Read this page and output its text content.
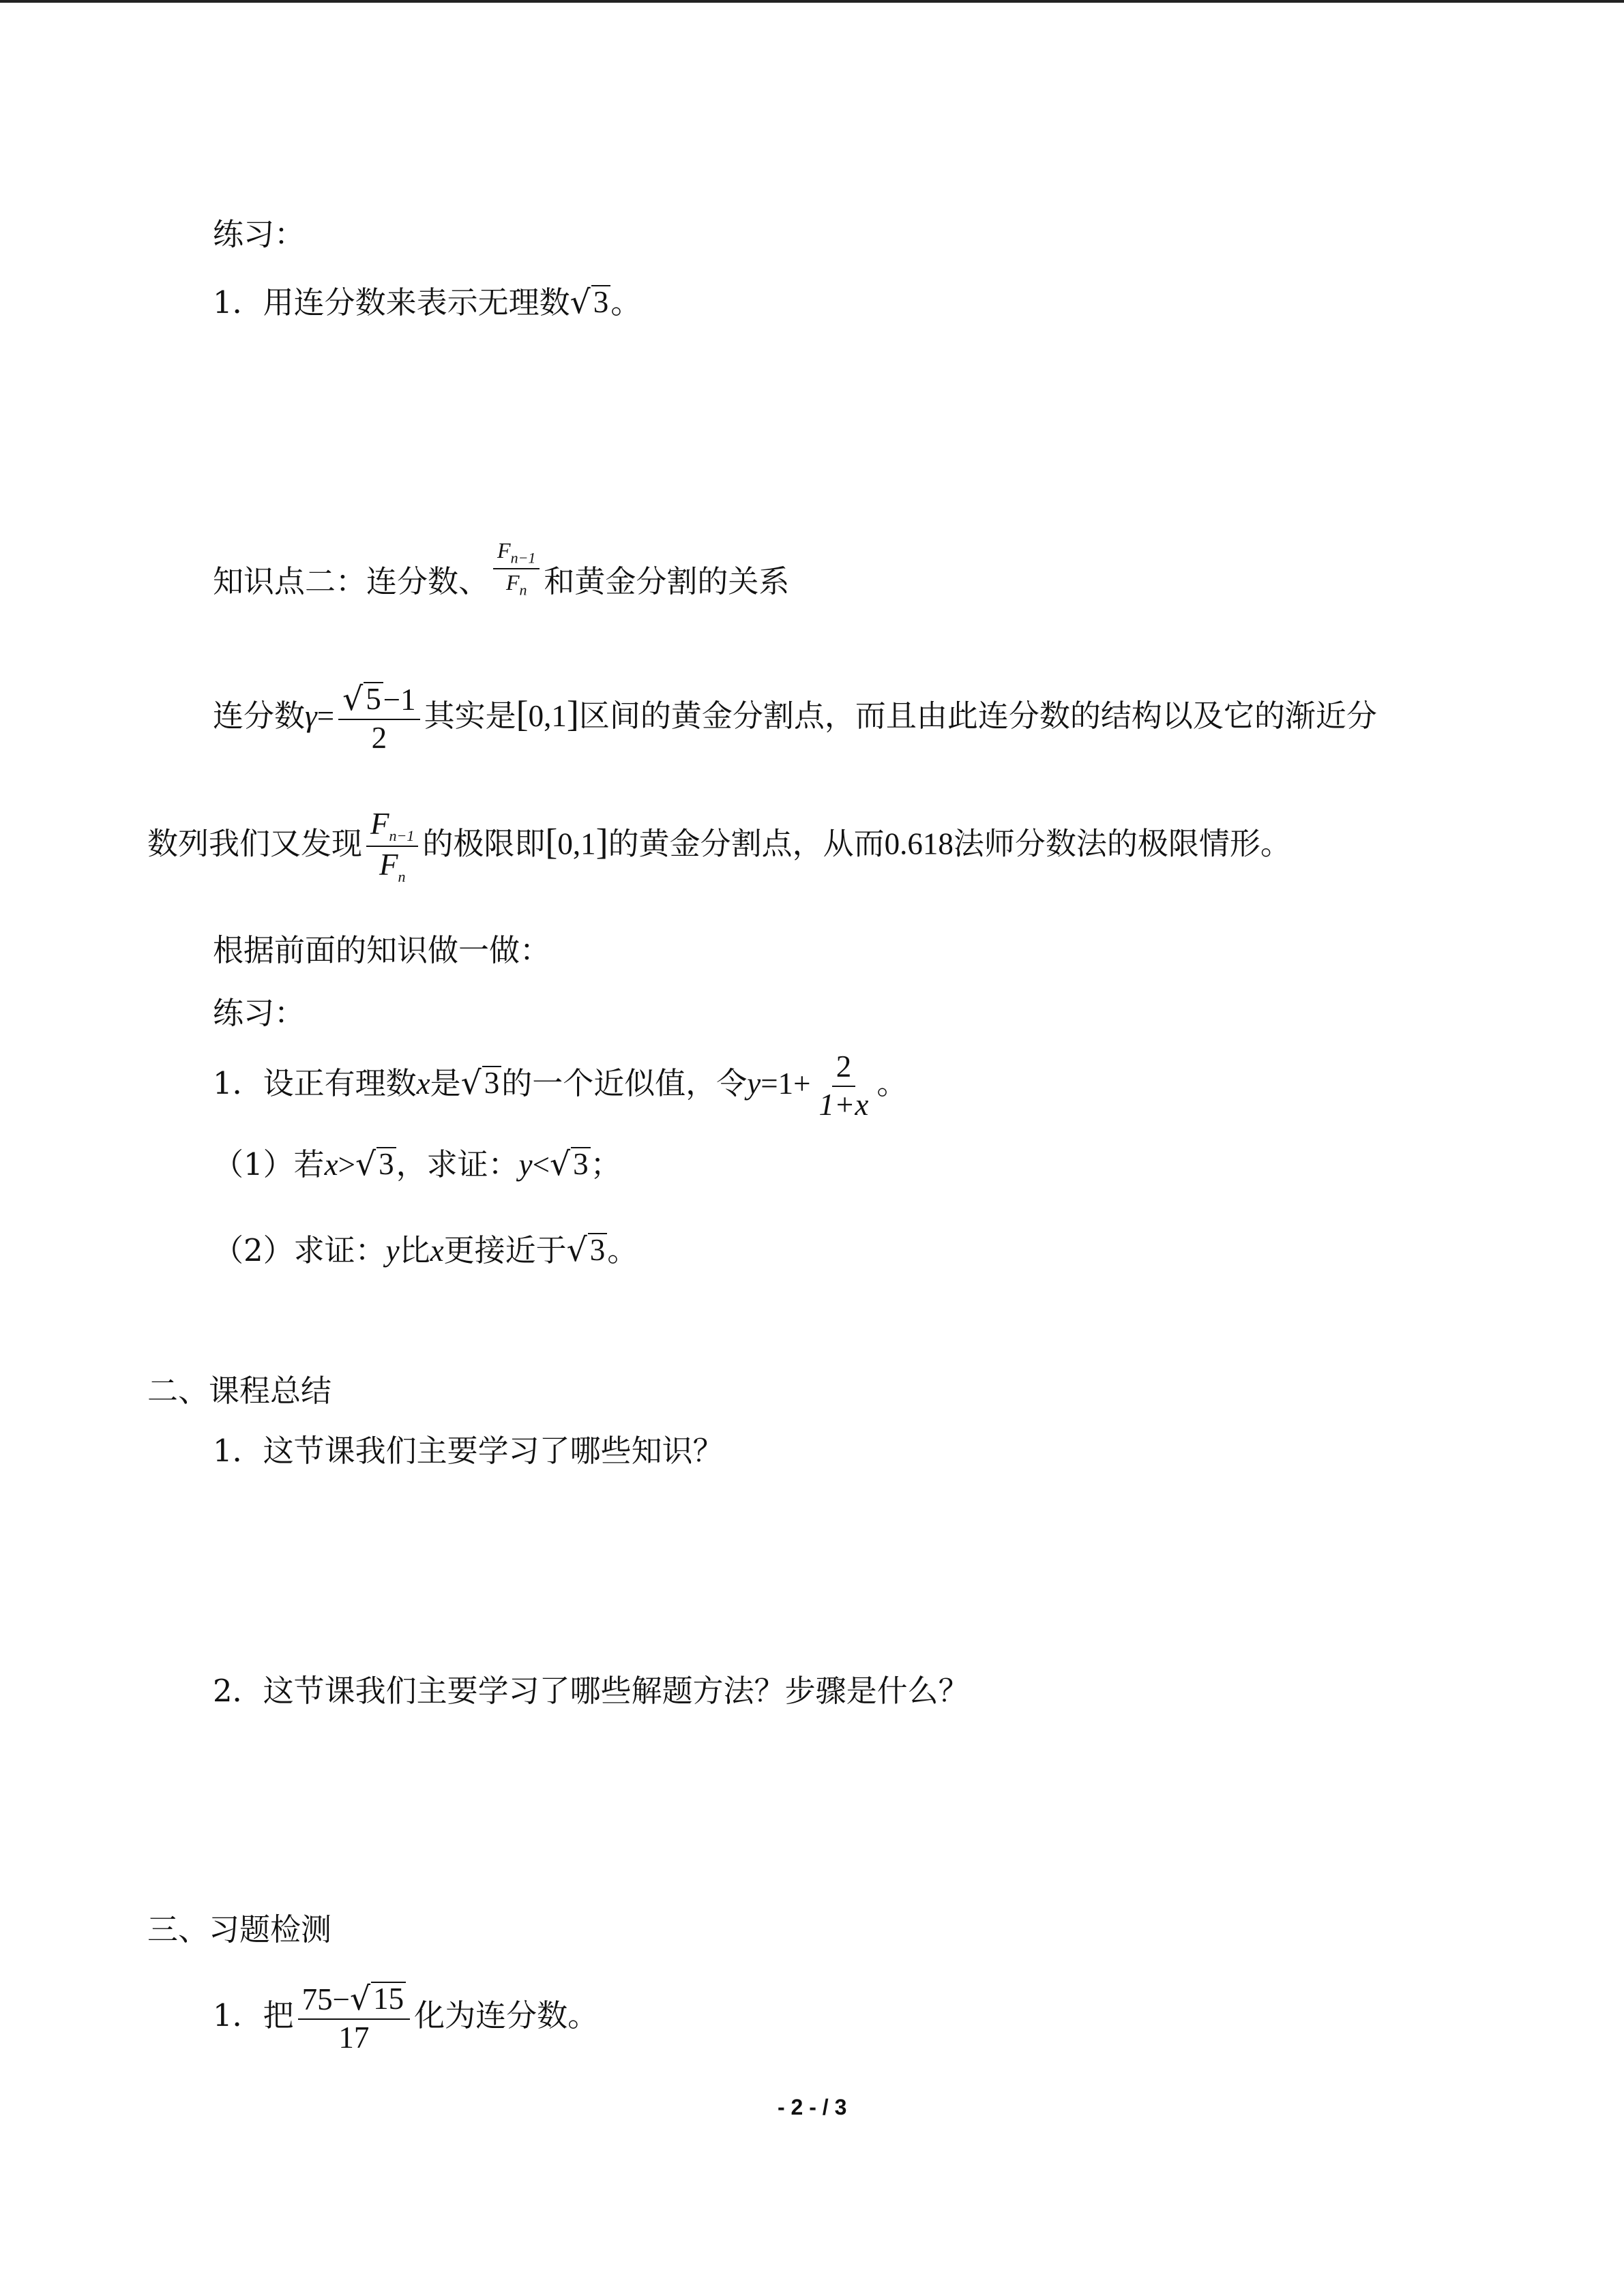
练习：
1．用连分数来表示无理数 √ 3 。
知识点二：连分数、 $\frac{F_{n-1}}{F_n}$ 和黄金分割的关系
连分数$\gamma= \frac{√ 5 -1}{2}$ 其实是[0,1]区间的黄金分割点，而且由此连分数的结构以及它的渐近分
数列我们又发现 $\frac{F_{n-1}}{F_n}$ 的极限即[0,1]的黄金分割点，从而0.618法师分数法的极限情形。
根据前面的知识做一做：
练习：
1．设正有理数x是 √ 3 的一个近似值，令$y=1+ \frac{2}{1+x}$ 。
（1）若x> √ 3 ，求证：y< √ 3 ；
（2）求证：y比x更接近于 √ 3 。
二、课程总结
1．这节课我们主要学习了哪些知识？
2．这节课我们主要学习了哪些解题方法？步骤是什么？
三、习题检测
1．把 $\frac{75- √ 15}{17}$ 化为连分数。
- 2 - / 3
